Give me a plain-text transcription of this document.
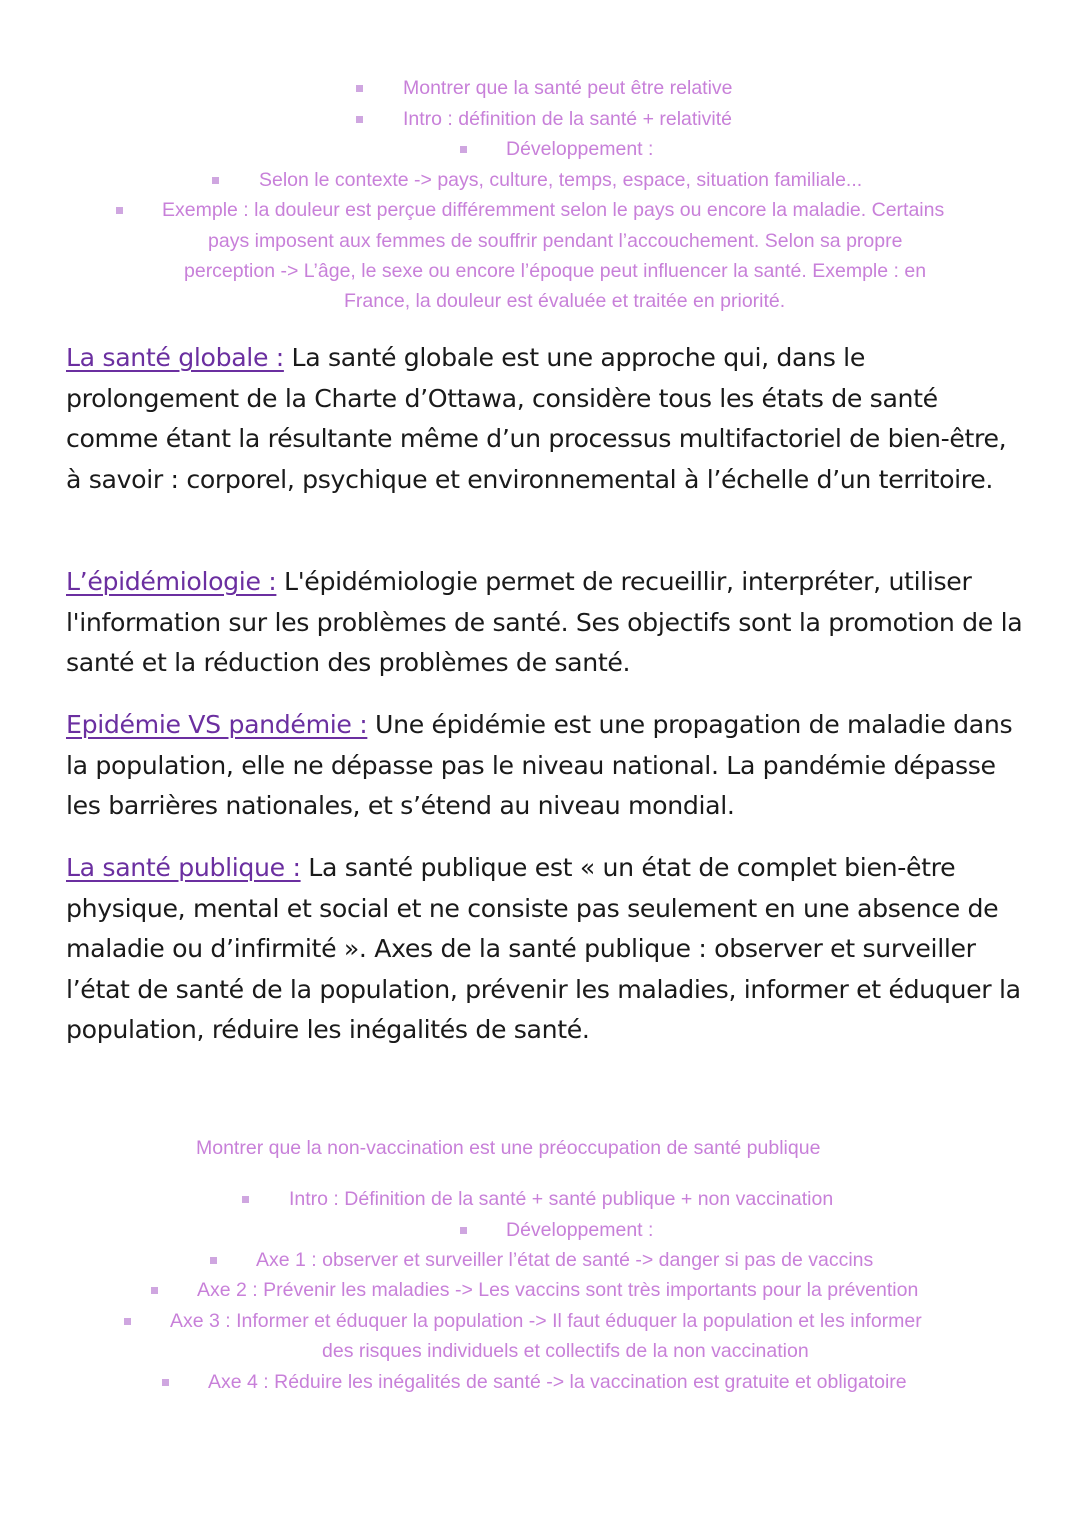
Montrer que la santé peut être relative
Intro : définition de la santé + relativité
Développement :
Selon le contexte -> pays, culture, temps, espace, situation familiale...
Exemple : la douleur est perçue différemment selon le pays ou encore la maladie. Certains
pays imposent aux femmes de souffrir pendant l’accouchement. Selon sa propre
perception -> L’âge, le sexe ou encore l’époque peut influencer la santé. Exemple : en
France, la douleur est évaluée et traitée en priorité.

La santé globale : La santé globale est une approche qui, dans le prolongement de la Charte d’Ottawa, considère tous les états de santé comme étant la résultante même d’un processus multifactoriel de bien-être, à savoir : corporel, psychique et environnemental à l’échelle d’un territoire.

L’épidémiologie : L'épidémiologie permet de recueillir, interpréter, utiliser l'information sur les problèmes de santé. Ses objectifs sont la promotion de la santé et la réduction des problèmes de santé.

Epidémie VS pandémie : Une épidémie est une propagation de maladie dans la population, elle ne dépasse pas le niveau national. La pandémie dépasse les barrières nationales, et s’étend au niveau mondial.

La santé publique : La santé publique est « un état de complet bien-être physique, mental et social et ne consiste pas seulement en une absence de maladie ou d’infirmité ». Axes de la santé publique : observer et surveiller l’état de santé de la population, prévenir les maladies, informer et éduquer la population, réduire les inégalités de santé.

Montrer que la non-vaccination est une préoccupation de santé publique
Intro : Définition de la santé + santé publique + non vaccination
Développement :
Axe 1 : observer et surveiller l’état de santé -> danger si pas de vaccins
Axe 2 : Prévenir les maladies -> Les vaccins sont très importants pour la prévention
Axe 3 : Informer et éduquer la population -> Il faut éduquer la population et les informer
des risques individuels et collectifs de la non vaccination
Axe 4 : Réduire les inégalités de santé -> la vaccination est gratuite et obligatoire
